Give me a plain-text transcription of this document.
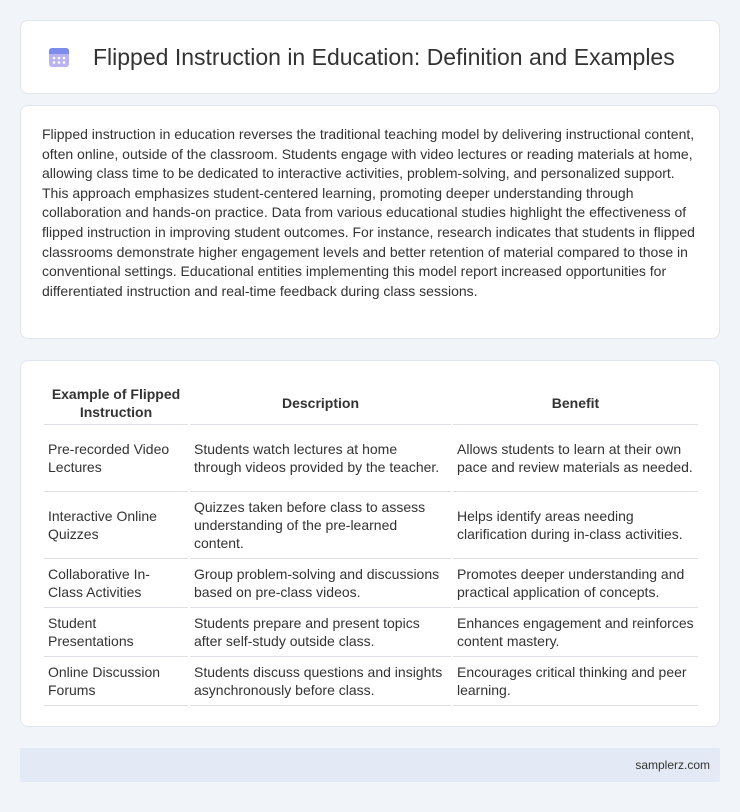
Flipped Instruction in Education: Definition and Examples

Flipped instruction in education reverses the traditional teaching model by delivering instructional content, often online, outside of the classroom. Students engage with video lectures or reading materials at home, allowing class time to be dedicated to interactive activities, problem-solving, and personalized support. This approach emphasizes student-centered learning, promoting deeper understanding through collaboration and hands-on practice. Data from various educational studies highlight the effectiveness of flipped instruction in improving student outcomes. For instance, research indicates that students in flipped classrooms demonstrate higher engagement levels and better retention of material compared to those in conventional settings. Educational entities implementing this model report increased opportunities for differentiated instruction and real-time feedback during class sessions.

Example of Flipped Instruction	Description	Benefit
Pre-recorded Video Lectures	Students watch lectures at home through videos provided by the teacher.	Allows students to learn at their own pace and review materials as needed.
Interactive Online Quizzes	Quizzes taken before class to assess understanding of the pre-learned content.	Helps identify areas needing clarification during in-class activities.
Collaborative In-Class Activities	Group problem-solving and discussions based on pre-class videos.	Promotes deeper understanding and practical application of concepts.
Student Presentations	Students prepare and present topics after self-study outside class.	Enhances engagement and reinforces content mastery.
Online Discussion Forums	Students discuss questions and insights asynchronously before class.	Encourages critical thinking and peer learning.
samplerz.com
